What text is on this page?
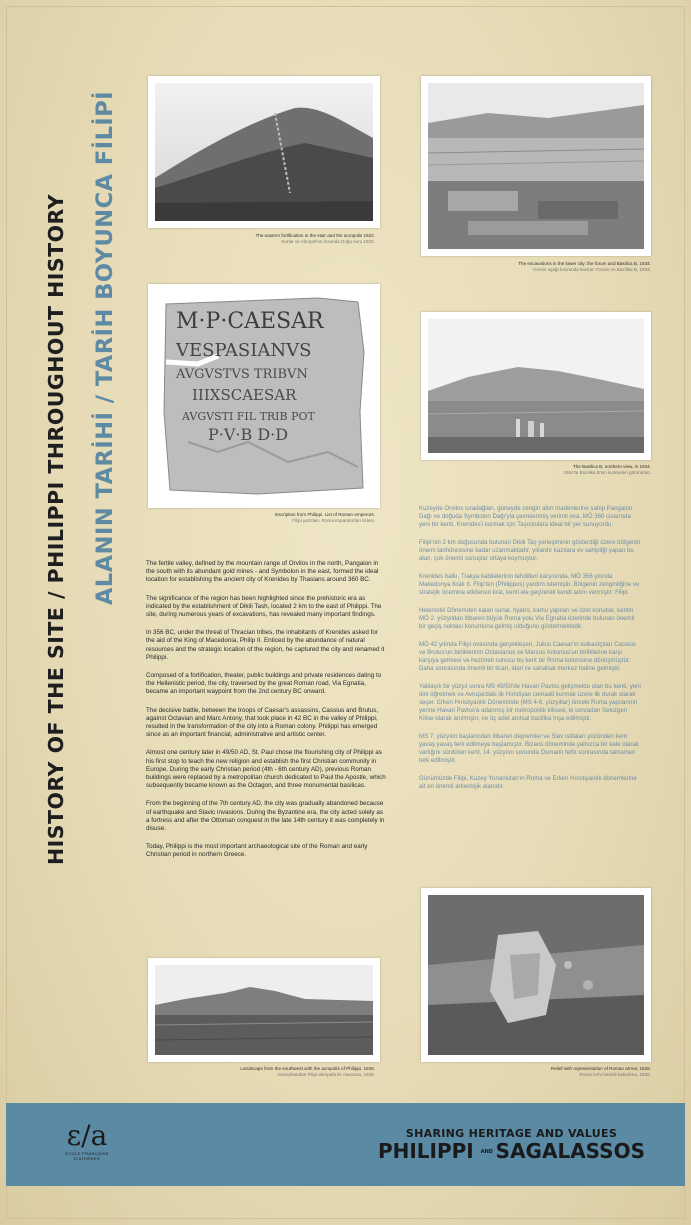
HISTORY OF THE SITE / PHILIPPI THROUGHOUT HISTORY ALANIN TARİHİ / TARİH BOYUNCA FİLİPİ	The eastern fortification in the stair and the acropolis 1922.
Surlar ve Akropol'ün lozanda Doğu suru 1922.
The excavations in the lower city: the forum and Basilica B, 1934.
Kentin aşağı kısmında kazılar: Forum ve Bazilika B, 1934.
M·P·CAESAR
VESPASIANVS
AVGVSTVS TRIBVN
IIIXSCAESAR
AVGVSTI FIL TRIB POT
P·V·B D·D
Inscription from Philippi. List of Roman emperors.
Filipi yazıtları. Roma imparatorları listesi.
The Basilica B, northern view, in 1934.
1934'te Bazilika B'nin kuzeyden görünümü.

The fertile valley, defined by the mountain range of Orvilos in the north, Pangaion in the south with its abundant gold mines - and Symbolon in the east, formed the ideal location for establishing the ancient city of Krenides by Thasians around 360 BC.

The significance of the region has been highlighted since the prehistoric era as indicated by the establishment of Dikili Tash, located 2 km to the east of Philippi. The site, during numerous years of excavations, has revealed many important findings.

In 356 BC, under the threat of Thracian tribes, the inhabitants of Krenides asked for the aid of the King of Macedonia, Philip II. Enticed by the abundance of natural resources and the strategic location of the region, he captured the city and renamed it Philippi.

Composed of a fortification, theater, public buildings and private residences dating to the Hellenistic period, the city, traversed by the great Roman road, Via Egnatia, became an important waypoint from the 2nd century BC onward.

The decisive battle, between the troops of Caesar's assassins, Cassius and Brutus, against Octavian and Marc Antony, that took place in 42 BC in the valley of Philippi, resulted in the transformation of the city into a Roman colony. Philippi has emerged since as an important financial, administrative and artistic center.

Almost one century later in 49/50 AD, St. Paul chose the flourishing city of Philippi as his first stop to teach the new religion and establish the first Christian community in Europe. During the early Christian period (4th - 6th century AD), previous Roman buildings were replaced by a metropolitan church dedicated to Paul the Apostle, which subsequently became known as the Octagon, and three monumental basilicas.

From the beginning of the 7th century AD, the city was gradually abandoned because of earthquake and Slavic invasions. During the Byzantine era, the city acted solely as a fortress and after the Ottoman conquest in the late 14th century it was completely in disuse.

Today, Philippi is the most important archaeological site of the Roman and early Christian period in northern Greece.

Kuzeyde Orvilos sıradağları, güneyde zengin altın madenlerine sahip Pangaion Dağı ve doğuda Symbolon Dağı'yla çevrelenmiş verimli ova, MÖ 360 civarında yeni bir kenti, Krenides'i kurmak için Taşoslulara ideal bir yer sunuyordu.

Filipi'nin 2 km doğusunda bulunan Dikili Taş yerleşiminin gösterdiği üzere bölgenin önemi tarihöncesine kadar uzanmaktadır, yıllardır kazılara ev sahipliği yapan bu alan, çok önemli sonuçlar ortaya koymuştur.

Krenides halkı, Trakya kabilelerinin tehditleri karşısında, MÖ 356 yılında Makedonya Kralı II. Filip'ten (Philippos) yardım istemiştir. Bölgenin zenginliğine ve stratejik önemine etkilenen kral, kenti ele geçirerek kendi adını vermiştir: Filipi.

Helenistik Dönemden kalan surlar, tiyatro, kamu yapıları ve özel konutlar, kentin MÖ 2. yüzyıldan itibaren büyük Roma yolu Via Egnatia üzerinde bulunan önemli bir geçiş noktası konumuna gelmiş olduğunu göstermektedir.

MÖ 42 yılında Filipi ovasında gerçekleşen, Julius Caesar'ın suikastçıları Cassius ve Brutus'un birliklerinin Octavianus ve Marcus Antonius'un birliklerine karşı karşıya gelmesi ve hezimeti sonucu bu kent bir Roma kolonisine dönüşmüştür. Daha sonrasında önemli bir ticari, idari ve sanatsal merkez haline gelmiştir.

Yaklaşık bir yüzyıl sonra MS 49/50'de Havari Pavlos gelişmekte olan bu kenti, yeni dini öğretmek ve Avrupa'daki ilk Hıristiyan cemaati kurmak üzere ilk durak olarak seçer. Erken Hıristiyanlık Döneminde (MS 4-6. yüzyıllar) önceki Roma yapılarının yerine Havari Pavlos'a adanmış bir metropolitik kilisesi, ki sonradan Sekizgen Kilise olarak anılmıştır, ve üç adet anıtsal bazilika inşa edilmiştir.

MS 7. yüzyılın başlarından itibaren depremler ve Slav istilaları yüzünden kent yavaş yavaş terk edilmeye başlamıştır. Bizans döneminde yalnızca bir kale olarak varlığını sürdüren kent, 14. yüzyılın sonunda Osmanlı fethi sonrasında tamamen terk edilmiştir.

Günümüzde Filipi, Kuzey Yunanistan'ın Roma ve Erken Hıristiyanlık dönemlerine ait en önemli arkeolojik alanıdır.

Landscape from the southwest with the acropolis of Philippi, 1928.
Güneybatıdan Filipi akropolü ile manzara, 1928.
Relief with representation of Roman armor, 1928.
Roma zırhı betimli kabartma, 1928.
ε/a
ÉCOLE FRANÇAISE D'ATHÈNES
SHARING HERITAGE AND VALUES
PHILIPPI AND SAGALASSOS
